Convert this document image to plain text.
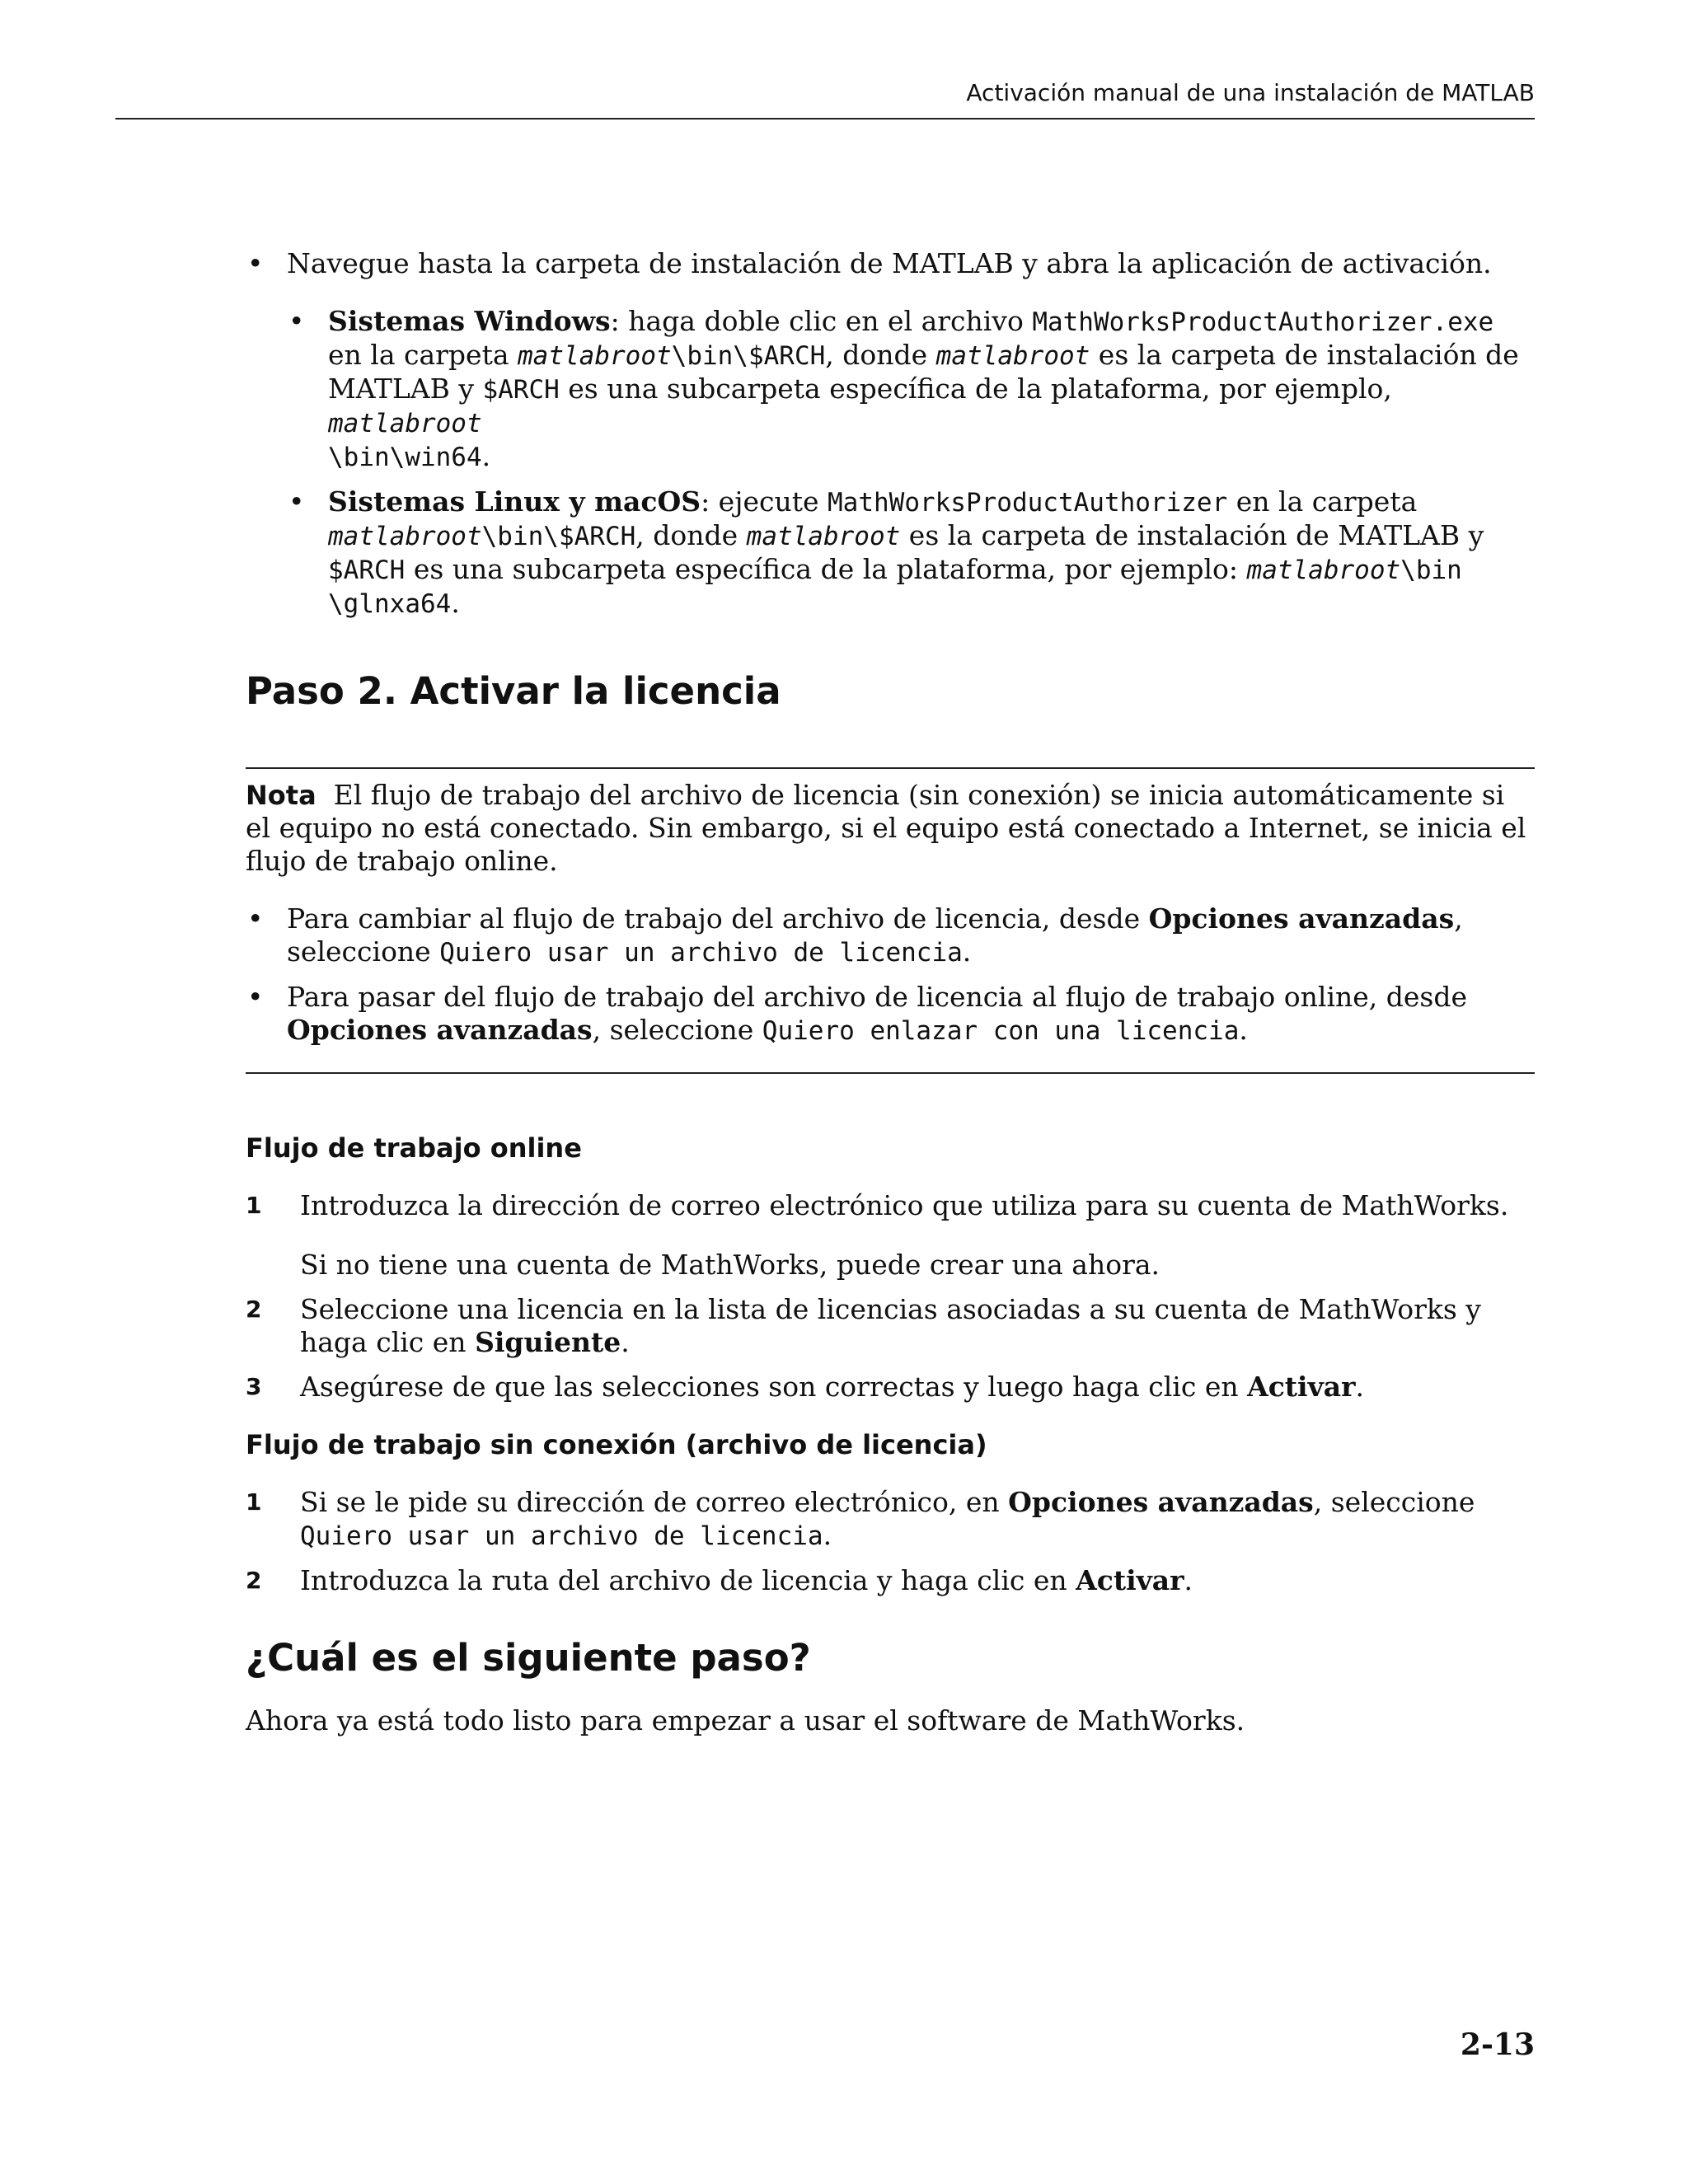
Activación manual de una instalación de MATLAB
• Navegue hasta la carpeta de instalación de MATLAB y abra la aplicación de activación.
• Sistemas Windows: haga doble clic en el archivo MathWorksProductAuthorizer.exe en la carpeta matlabroot\bin\$ARCH, donde matlabroot es la carpeta de instalación de MATLAB y $ARCH es una subcarpeta específica de la plataforma, por ejemplo, matlabroot
\bin\win64.
• Sistemas Linux y macOS: ejecute MathWorksProductAuthorizer en la carpeta matlabroot\bin\$ARCH, donde matlabroot es la carpeta de instalación de MATLAB y $ARCH es una subcarpeta específica de la plataforma, por ejemplo: matlabroot\bin
\glnxa64.
Paso 2. Activar la licencia
Nota El flujo de trabajo del archivo de licencia (sin conexión) se inicia automáticamente si el equipo no está conectado. Sin embargo, si el equipo está conectado a Internet, se inicia el flujo de trabajo online.
• Para cambiar al flujo de trabajo del archivo de licencia, desde Opciones avanzadas, seleccione Quiero usar un archivo de licencia.
• Para pasar del flujo de trabajo del archivo de licencia al flujo de trabajo online, desde Opciones avanzadas, seleccione Quiero enlazar con una licencia.
Flujo de trabajo online
1 Introduzca la dirección de correo electrónico que utiliza para su cuenta de MathWorks.
Si no tiene una cuenta de MathWorks, puede crear una ahora.
2 Seleccione una licencia en la lista de licencias asociadas a su cuenta de MathWorks y haga clic en Siguiente.
3 Asegúrese de que las selecciones son correctas y luego haga clic en Activar.
Flujo de trabajo sin conexión (archivo de licencia)
1 Si se le pide su dirección de correo electrónico, en Opciones avanzadas, seleccione Quiero usar un archivo de licencia.
2 Introduzca la ruta del archivo de licencia y haga clic en Activar.
¿Cuál es el siguiente paso?
Ahora ya está todo listo para empezar a usar el software de MathWorks.
2-13
